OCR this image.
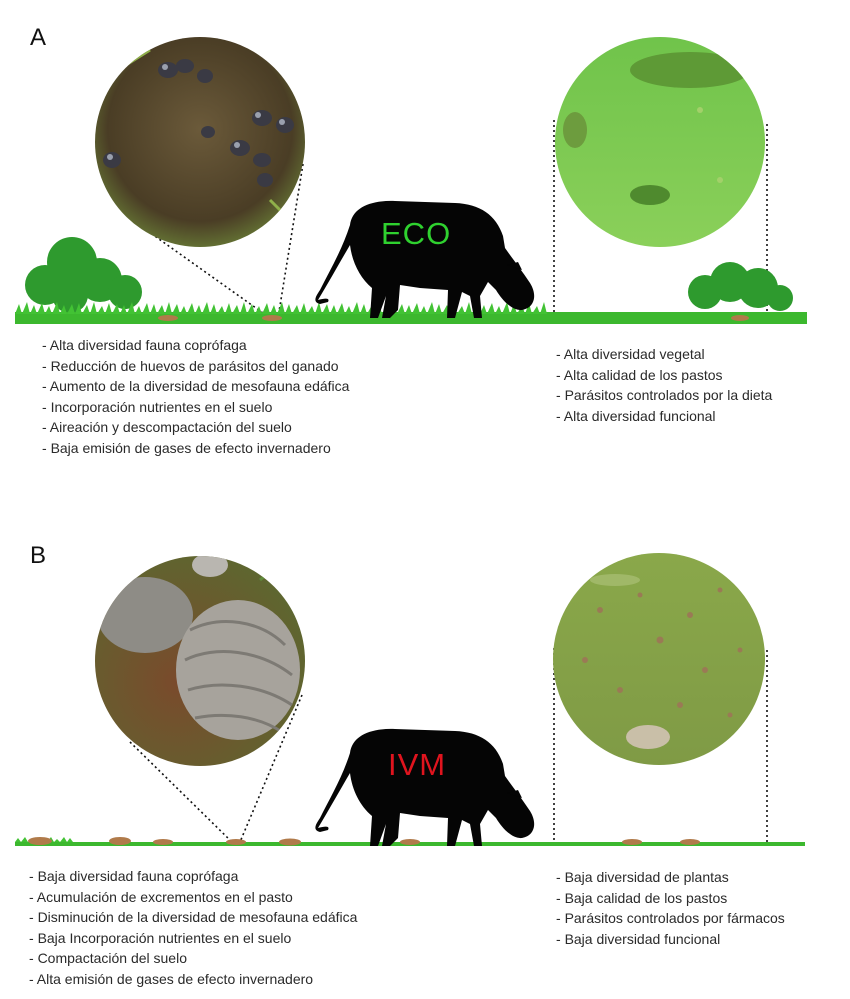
A
ECO
- Alta diversidad fauna coprófaga
- Reducción de huevos de parásitos del ganado
- Aumento de la diversidad de mesofauna edáfica
- Incorporación nutrientes en el suelo
- Aireación y descompactación del suelo
- Baja emisión de gases de efecto invernadero
- Alta diversidad vegetal
- Alta calidad de los pastos
- Parásitos controlados por la dieta
- Alta diversidad funcional
B
IVM
- Baja diversidad fauna coprófaga
- Acumulación de excrementos en el pasto
- Disminución de la diversidad de mesofauna edáfica
- Baja Incorporación nutrientes en el suelo
- Compactación del suelo
- Alta emisión de gases de efecto invernadero
- Baja diversidad de plantas
- Baja calidad de los pastos
- Parásitos controlados por fármacos
- Baja diversidad funcional
